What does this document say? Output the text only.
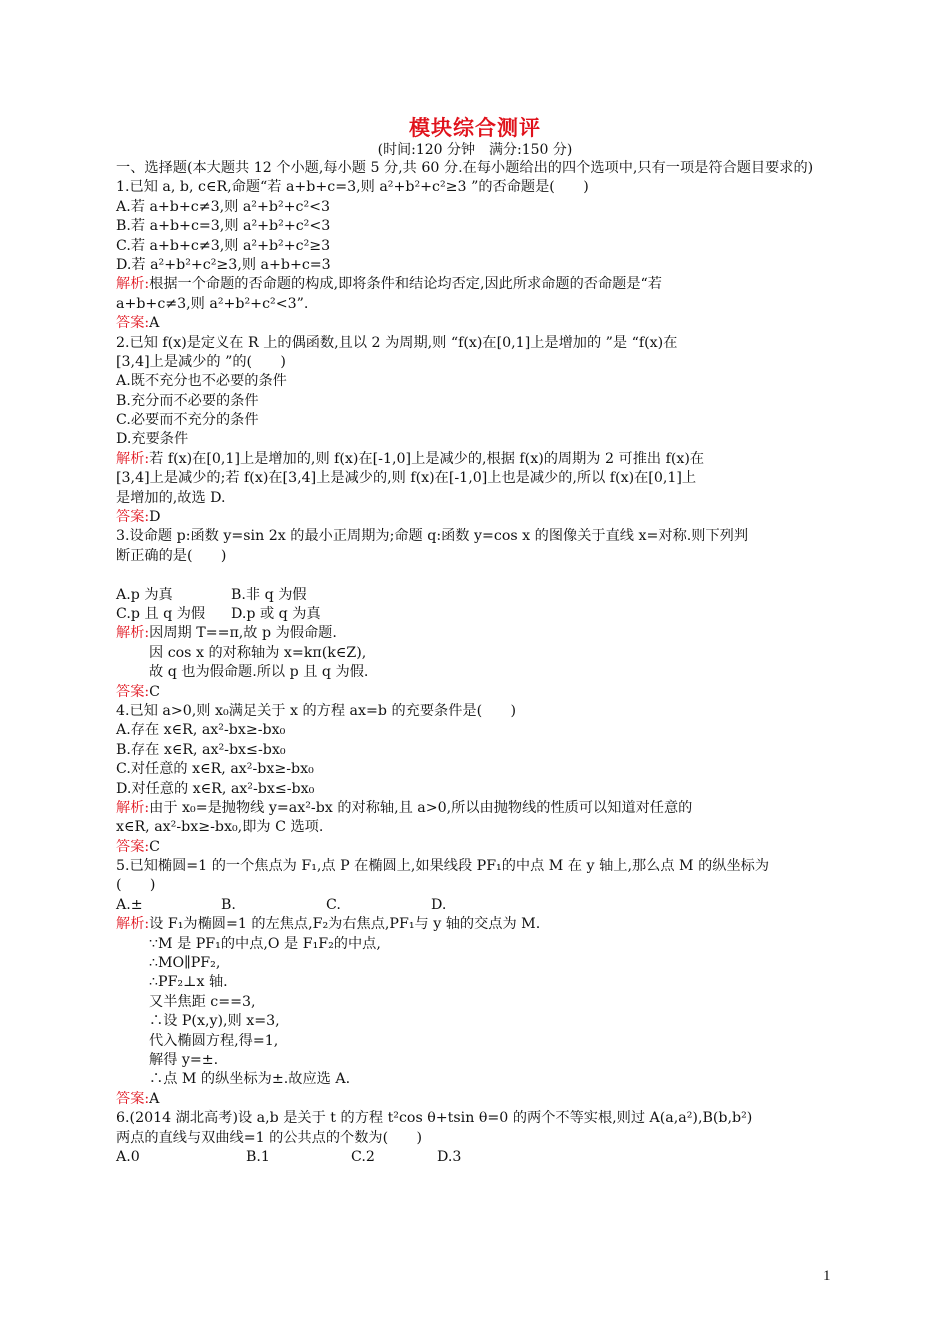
模块综合测评
(时间:120 分钟　满分:150 分)
一、选择题(本大题共 12 个小题,每小题 5 分,共 60 分.在每小题给出的四个选项中,只有一项是符合题目要求的)
1.已知 a, b, c∈R,命题“若 a+b+c=3,则 a²+b²+c²≥3 ”的否命题是(　　)
A.若 a+b+c≠3,则 a²+b²+c²<3
B.若 a+b+c=3,则 a²+b²+c²<3
C.若 a+b+c≠3,则 a²+b²+c²≥3
D.若 a²+b²+c²≥3,则 a+b+c=3
解析:根据一个命题的否命题的构成,即将条件和结论均否定,因此所求命题的否命题是“若
a+b+c≠3,则 a²+b²+c²<3”.
答案:A
2.已知 f(x)是定义在 R 上的偶函数,且以 2 为周期,则 “f(x)在[0,1]上是增加的 ”是 “f(x)在
[3,4]上是减少的 ”的(　　)
A.既不充分也不必要的条件
B.充分而不必要的条件
C.必要而不充分的条件
D.充要条件
解析:若 f(x)在[0,1]上是增加的,则 f(x)在[-1,0]上是减少的,根据 f(x)的周期为 2 可推出 f(x)在
[3,4]上是减少的;若 f(x)在[3,4]上是减少的,则 f(x)在[-1,0]上也是减少的,所以 f(x)在[0,1]上
是增加的,故选 D.
答案:D
3.设命题 p:函数 y=sin 2x 的最小正周期为;命题 q:函数 y=cos x 的图像关于直线 x=对称.则下列判
断正确的是(　　)
A.p 为真	B.非 q 为假
C.p 且 q 为假	D.p 或 q 为真
解析:因周期 T==π,故 p 为假命题.
因 cos x 的对称轴为 x=kπ(k∈Z),
故 q 也为假命题.所以 p 且 q 为假.
答案:C
4.已知 a>0,则 x₀满足关于 x 的方程 ax=b 的充要条件是(　　)
A.存在 x∈R, ax²-bx≥-bx₀
B.存在 x∈R, ax²-bx≤-bx₀
C.对任意的 x∈R, ax²-bx≥-bx₀
D.对任意的 x∈R, ax²-bx≤-bx₀
解析:由于 x₀=是抛物线 y=ax²-bx 的对称轴,且 a>0,所以由抛物线的性质可以知道对任意的
x∈R, ax²-bx≥-bx₀,即为 C 选项.
答案:C
5.已知椭圆=1 的一个焦点为 F₁,点 P 在椭圆上,如果线段 PF₁的中点 M 在 y 轴上,那么点 M 的纵坐标为
(　　)
A.±	B.	C.	D.
解析:设 F₁为椭圆=1 的左焦点,F₂为右焦点,PF₁与 y 轴的交点为 M.
∵M 是 PF₁的中点,O 是 F₁F₂的中点,
∴MO∥PF₂,
∴PF₂⊥x 轴.
又半焦距 c==3,
∴设 P(x,y),则 x=3,
代入椭圆方程,得=1,
解得 y=±.
∴点 M 的纵坐标为±.故应选 A.
答案:A
6.(2014 湖北高考)设 a,b 是关于 t 的方程 t²cos θ+tsin θ=0 的两个不等实根,则过 A(a,a²),B(b,b²)
两点的直线与双曲线=1 的公共点的个数为(　　)
A.0	B.1	C.2	D.3
1
